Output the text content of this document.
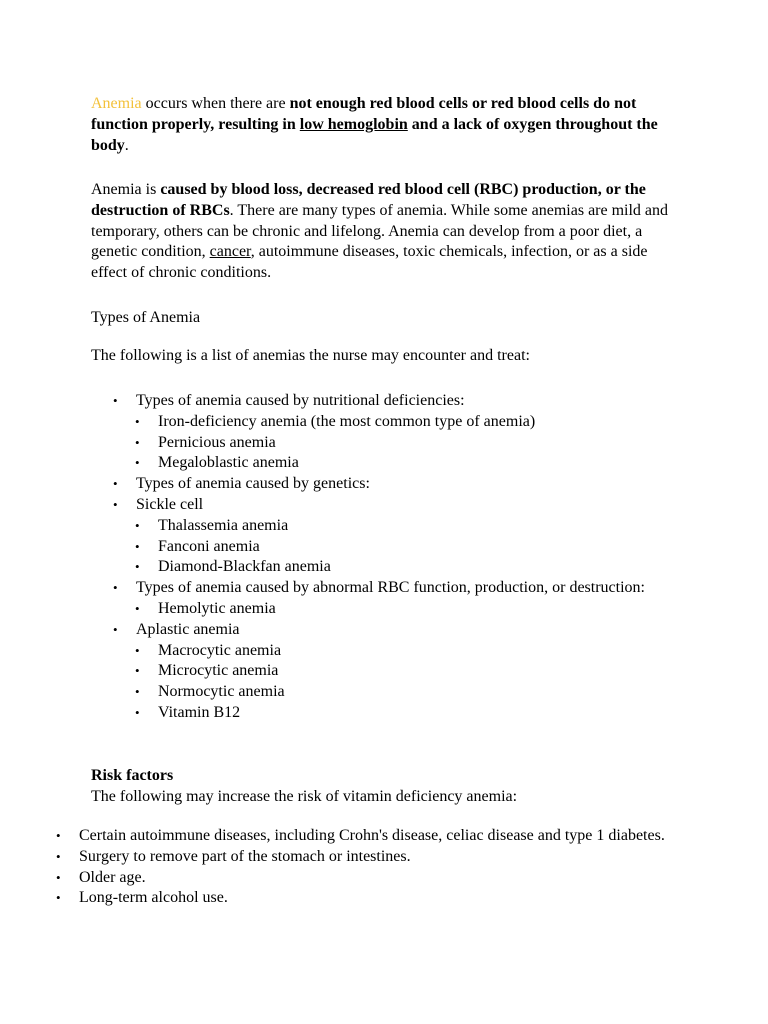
Anemia occurs when there are not enough red blood cells or red blood cells do not function properly, resulting in low hemoglobin and a lack of oxygen throughout the body.

Anemia is caused by blood loss, decreased red blood cell (RBC) production, or the destruction of RBCs. There are many types of anemia. While some anemias are mild and temporary, others can be chronic and lifelong. Anemia can develop from a poor diet, a genetic condition, cancer, autoimmune diseases, toxic chemicals, infection, or as a side effect of chronic conditions.

Types of Anemia

The following is a list of anemias the nurse may encounter and treat:

• Types of anemia caused by nutritional deficiencies:
• Iron-deficiency anemia (the most common type of anemia)
• Pernicious anemia
• Megaloblastic anemia
• Types of anemia caused by genetics:
• Sickle cell
• Thalassemia anemia
• Fanconi anemia
• Diamond-Blackfan anemia
• Types of anemia caused by abnormal RBC function, production, or destruction:
• Hemolytic anemia
• Aplastic anemia
• Macrocytic anemia
• Microcytic anemia
• Normocytic anemia
• Vitamin B12

Risk factors

The following may increase the risk of vitamin deficiency anemia:

• Certain autoimmune diseases, including Crohn's disease, celiac disease and type 1 diabetes.
• Surgery to remove part of the stomach or intestines.
• Older age.
• Long-term alcohol use.
